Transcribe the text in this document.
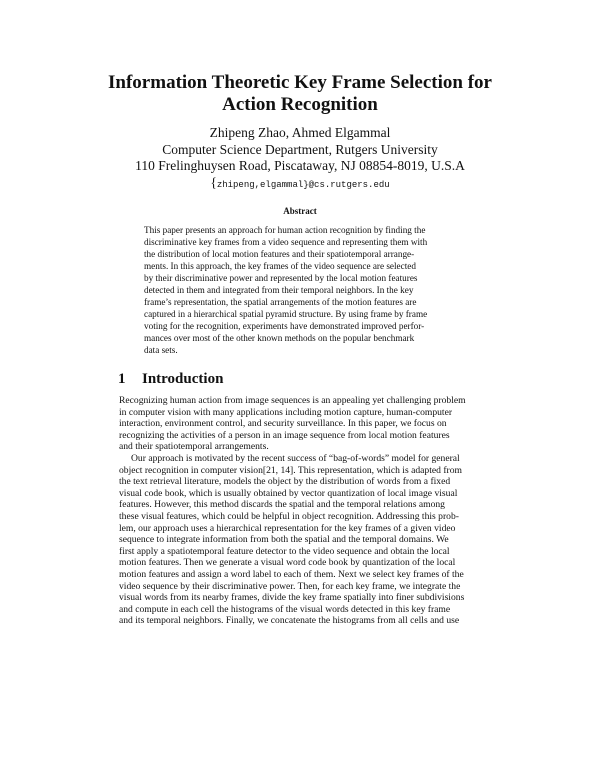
Information Theoretic Key Frame Selection for
Action Recognition
Zhipeng Zhao, Ahmed Elgammal
Computer Science Department, Rutgers University
110 Frelinghuysen Road, Piscataway, NJ 08854-8019, U.S.A
{zhipeng,elgammal}@cs.rutgers.edu
Abstract
This paper presents an approach for human action recognition by finding the
discriminative key frames from a video sequence and representing them with
the distribution of local motion features and their spatiotemporal arrange-
ments. In this approach, the key frames of the video sequence are selected
by their discriminative power and represented by the local motion features
detected in them and integrated from their temporal neighbors. In the key
frame’s representation, the spatial arrangements of the motion features are
captured in a hierarchical spatial pyramid structure. By using frame by frame
voting for the recognition, experiments have demonstrated improved perfor-
mances over most of the other known methods on the popular benchmark
data sets.
1 Introduction
Recognizing human action from image sequences is an appealing yet challenging problem
in computer vision with many applications including motion capture, human-computer
interaction, environment control, and security surveillance. In this paper, we focus on
recognizing the activities of a person in an image sequence from local motion features
and their spatiotemporal arrangements.
Our approach is motivated by the recent success of “bag-of-words” model for general
object recognition in computer vision[21, 14]. This representation, which is adapted from
the text retrieval literature, models the object by the distribution of words from a fixed
visual code book, which is usually obtained by vector quantization of local image visual
features. However, this method discards the spatial and the temporal relations among
these visual features, which could be helpful in object recognition. Addressing this prob-
lem, our approach uses a hierarchical representation for the key frames of a given video
sequence to integrate information from both the spatial and the temporal domains. We
first apply a spatiotemporal feature detector to the video sequence and obtain the local
motion features. Then we generate a visual word code book by quantization of the local
motion features and assign a word label to each of them. Next we select key frames of the
video sequence by their discriminative power. Then, for each key frame, we integrate the
visual words from its nearby frames, divide the key frame spatially into finer subdivisions
and compute in each cell the histograms of the visual words detected in this key frame
and its temporal neighbors. Finally, we concatenate the histograms from all cells and use
